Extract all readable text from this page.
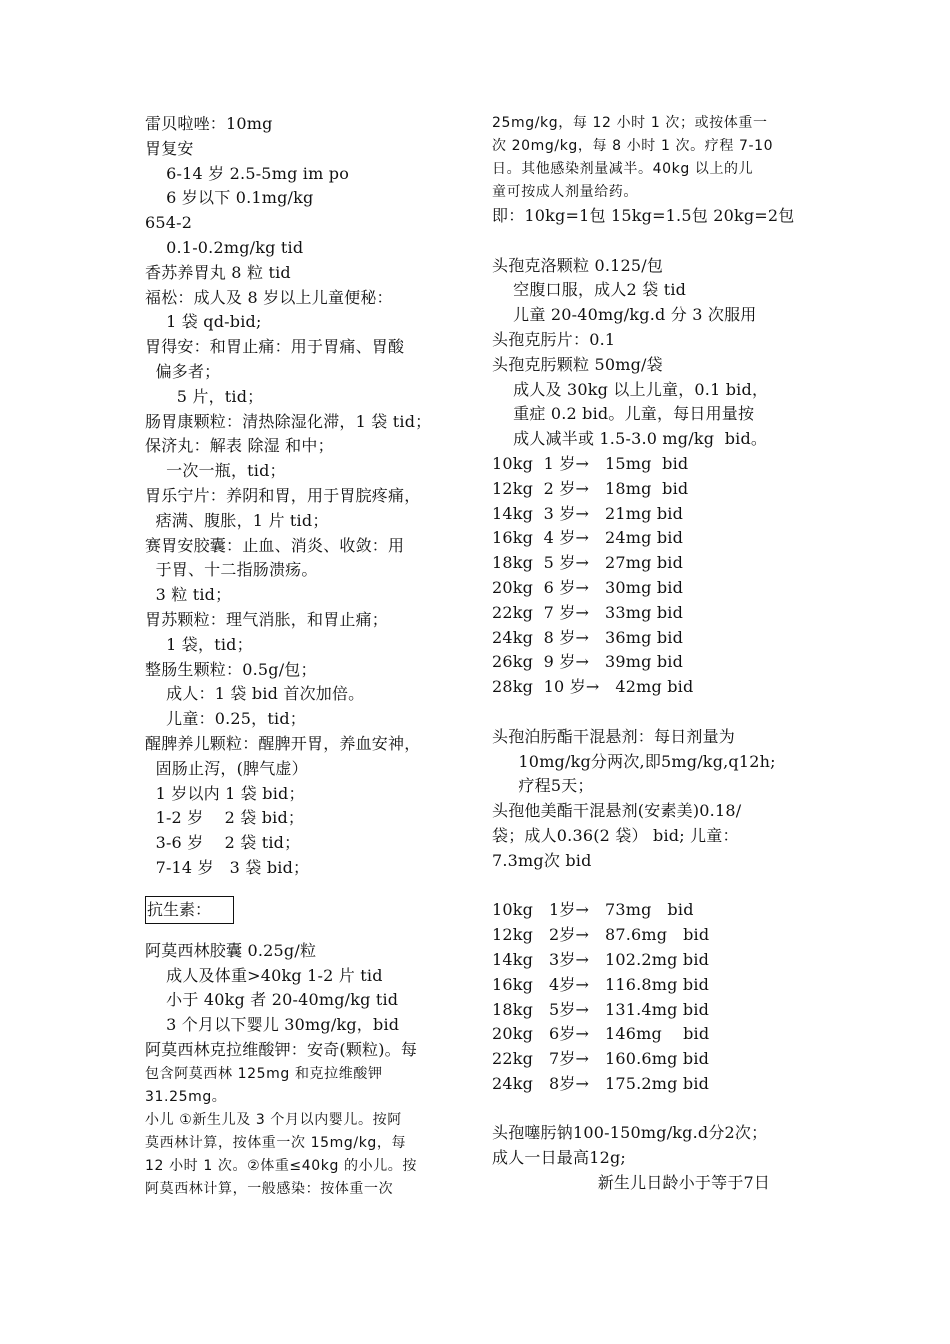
雷贝啦唑：10mg
胃复安
6-14 岁 2.5-5mg im po
6 岁以下 0.1mg/kg
654-2
0.1-0.2mg/kg tid
香苏养胃丸 8 粒 tid
福松：成人及 8 岁以上儿童便秘：
1 袋 qd-bid;
胃得安：和胃止痛：用于胃痛、胃酸
偏多者；
5 片，tid；
肠胃康颗粒：清热除湿化滞，1 袋 tid；
保济丸：解表 除湿 和中；
一次一瓶，tid；
胃乐宁片：养阴和胃，用于胃脘疼痛，
痞满、腹胀，1 片 tid；
赛胃安胶囊：止血、消炎、收敛：用
于胃、十二指肠溃疡。
3 粒 tid；
胃苏颗粒：理气消胀，和胃止痛；
1 袋，tid；
整肠生颗粒：0.5g/包；
成人：1 袋 bid 首次加倍。
儿童：0.25，tid；
醒脾养儿颗粒：醒脾开胃，养血安神，
固肠止泻，(脾气虚）
1 岁以内 1 袋 bid；
1-2 岁    2 袋 bid；
3-6 岁    2 袋 tid；
7-14 岁   3 袋 bid；
抗生素：
阿莫西林胶囊 0.25g/粒
成人及体重>40kg 1-2 片 tid
小于 40kg 者 20-40mg/kg tid
3 个月以下婴儿 30mg/kg，bid
阿莫西林克拉维酸钾：安奇(颗粒)。每
包含阿莫西林 125mg 和克拉维酸钾
31.25mg。
小儿 ①新生儿及 3 个月以内婴儿。按阿
莫西林计算，按体重一次 15mg/kg，每
12 小时 1 次。②体重≤40kg 的小儿。按
阿莫西林计算，一般感染：按体重一次
25mg/kg，每 12 小时 1 次；或按体重一
次 20mg/kg，每 8 小时 1 次。疗程 7-10
日。其他感染剂量减半。40kg 以上的儿
童可按成人剂量给药。
即：10kg=1包 15kg=1.5包 20kg=2包
头孢克洛颗粒 0.125/包
空腹口服，成人2 袋 tid
儿童 20-40mg/kg.d 分 3 次服用
头孢克肟片：0.1
头孢克肟颗粒 50mg/袋
成人及 30kg 以上儿童，0.1 bid，
重症 0.2 bid。儿童，每日用量按
成人减半或 1.5-3.0 mg/kg  bid。
10kg  1 岁→   15mg  bid
12kg  2 岁→   18mg  bid
14kg  3 岁→   21mg bid
16kg  4 岁→   24mg bid
18kg  5 岁→   27mg bid
20kg  6 岁→   30mg bid
22kg  7 岁→   33mg bid
24kg  8 岁→   36mg bid
26kg  9 岁→   39mg bid
28kg  10 岁→   42mg bid
头孢泊肟酯干混悬剂：每日剂量为
10mg/kg分两次,即5mg/kg,q12h;
疗程5天；
头孢他美酯干混悬剂(安素美)0.18/
袋；成人0.36(2 袋） bid; 儿童：
7.3mg次 bid
10kg   1岁→   73mg   bid
12kg   2岁→   87.6mg   bid
14kg   3岁→   102.2mg bid
16kg   4岁→   116.8mg bid
18kg   5岁→   131.4mg bid
20kg   6岁→   146mg    bid
22kg   7岁→   160.6mg bid
24kg   8岁→   175.2mg bid
头孢噻肟钠100-150mg/kg.d分2次；
成人一日最高12g;
新生儿日龄小于等于7日
